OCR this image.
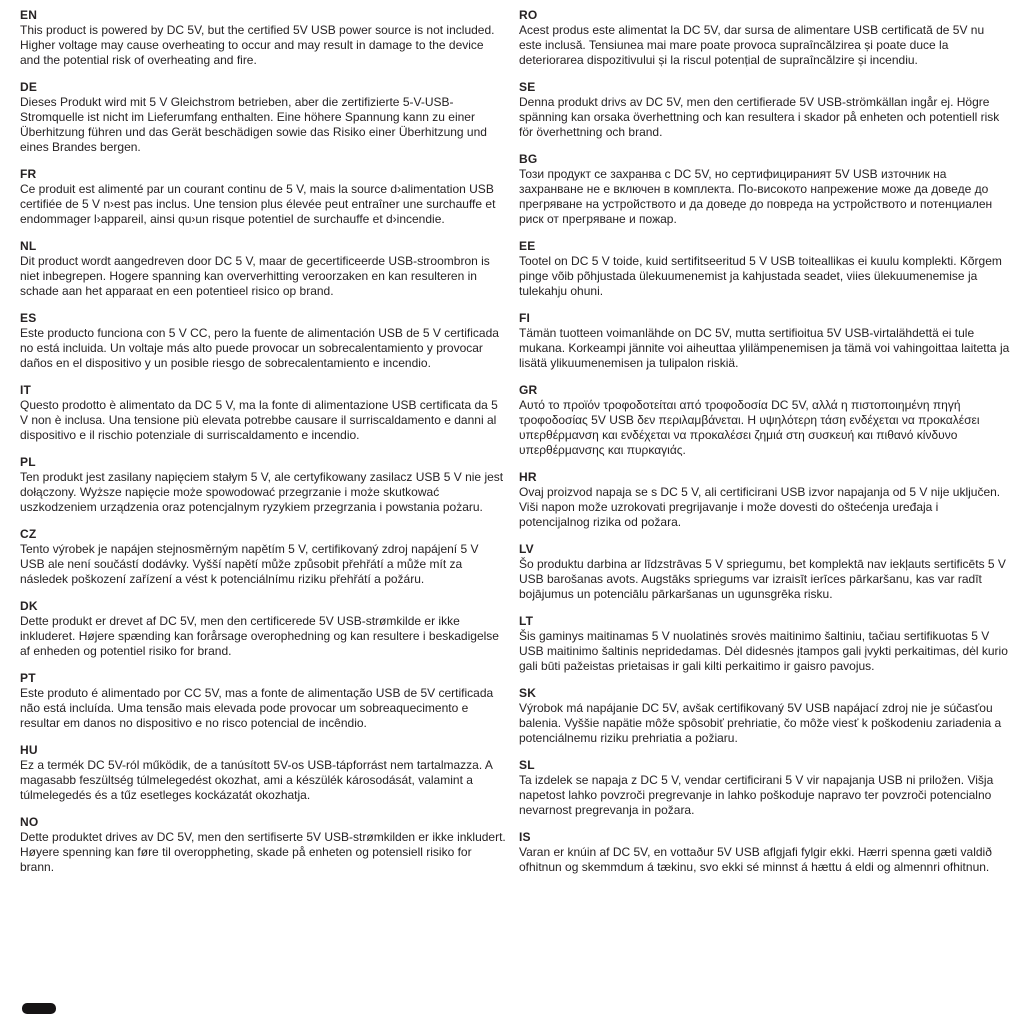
EN

This product is powered by DC 5V, but the certified 5V USB power source is not included. Higher voltage may cause overheating to occur and may result in damage to the device and the potential risk of overheating and fire.

DE

Dieses Produkt wird mit 5 V Gleichstrom betrieben, aber die zertifizierte 5-V-USB-Stromquelle ist nicht im Lieferumfang enthalten. Eine höhere Spannung kann zu einer Überhitzung führen und das Gerät beschädigen sowie das Risiko einer Überhitzung und eines Brandes bergen.

FR

Ce produit est alimenté par un courant continu de 5 V, mais la source d›alimentation USB certifiée de 5 V n›est pas inclus. Une tension plus élevée peut entraîner une surchauffe et endommager l›appareil, ainsi qu›un risque potentiel de surchauffe et d›incendie.

NL

Dit product wordt aangedreven door DC 5 V, maar de gecertificeerde USB-stroombron is niet inbegrepen. Hogere spanning kan oververhitting veroorzaken en kan resulteren in schade aan het apparaat en een potentieel risico op brand.

ES

Este producto funciona con 5 V CC, pero la fuente de alimentación USB de 5 V certificada no está incluida. Un voltaje más alto puede provocar un sobrecalentamiento y provocar daños en el dispositivo y un posible riesgo de sobrecalentamiento e incendio.

IT

Questo prodotto è alimentato da DC 5 V, ma la fonte di alimentazione USB certificata da 5 V non è inclusa. Una tensione più elevata potrebbe causare il surriscaldamento e danni al dispositivo e il rischio potenziale di surriscaldamento e incendio.

PL

Ten produkt jest zasilany napięciem stałym 5 V, ale certyfikowany zasilacz USB 5 V nie jest dołączony. Wyższe napięcie może spowodować przegrzanie i może skutkować uszkodzeniem urządzenia oraz potencjalnym ryzykiem przegrzania i powstania pożaru.

CZ

Tento výrobek je napájen stejnosměrným napětím 5 V, certifikovaný zdroj napájení 5 V USB ale není součástí dodávky. Vyšší napětí může způsobit přehřátí a může mít za následek poškození zařízení a vést k potenciálnímu riziku přehřátí a požáru.

DK

Dette produkt er drevet af DC 5V, men den certificerede 5V USB-strømkilde er ikke inkluderet. Højere spænding kan forårsage overophedning og kan resultere i beskadigelse af enheden og potentiel risiko for brand.

PT

Este produto é alimentado por CC 5V, mas a fonte de alimentação USB de 5V certificada não está incluída. Uma tensão mais elevada pode provocar um sobreaquecimento e resultar em danos no dispositivo e no risco potencial de incêndio.

HU

Ez a termék DC 5V-ról működik, de a tanúsított 5V-os USB-tápforrást nem tartalmazza. A magasabb feszültség túlmelegedést okozhat, ami a készülék károsodását, valamint a túlmelegedés és a tűz esetleges kockázatát okozhatja.

NO

Dette produktet drives av DC 5V, men den sertifiserte 5V USB-strømkilden er ikke inkludert. Høyere spenning kan føre til overoppheting, skade på enheten og potensiell risiko for brann.

RO

Acest produs este alimentat la DC 5V, dar sursa de alimentare USB certificată de 5V nu este inclusă. Tensiunea mai mare poate provoca supraîncălzirea și poate duce la deteriorarea dispozitivului și la riscul potențial de supraîncălzire și incendiu.

SE

Denna produkt drivs av DC 5V, men den certifierade 5V USB-strömkällan ingår ej. Högre spänning kan orsaka överhettning och kan resultera i skador på enheten och potentiell risk för överhettning och brand.

BG

Този продукт се захранва с DC 5V, но сертифицираният 5V USB източник на захранване не е включен в комплекта. По-високото напрежение може да доведе до прегряване на устройството и да доведе до повреда на устройството и потенциален риск от прегряване и пожар.

EE

Tootel on DC 5 V toide, kuid sertifitseeritud 5 V USB toiteallikas ei kuulu komplekti. Kõrgem pinge võib põhjustada ülekuumenemist ja kahjustada seadet, viies ülekuumenemise ja tulekahju ohuni.

FI

Tämän tuotteen voimanlähde on DC 5V, mutta sertifioitua 5V USB-virtalähdettä ei tule mukana. Korkeampi jännite voi aiheuttaa ylilämpenemisen ja tämä voi vahingoittaa laitetta ja lisätä ylikuumenemisen ja tulipalon riskiä.

GR

Αυτό το προϊόν τροφοδοτείται από τροφοδοσία DC 5V, αλλά η πιστοποιημένη πηγή τροφοδοσίας 5V USB δεν περιλαμβάνεται. Η υψηλότερη τάση ενδέχεται να προκαλέσει υπερθέρμανση και ενδέχεται να προκαλέσει ζημιά στη συσκευή και πιθανό κίνδυνο υπερθέρμανσης και πυρκαγιάς.

HR

Ovaj proizvod napaja se s DC 5 V, ali certificirani USB izvor napajanja od 5 V nije uključen. Viši napon može uzrokovati pregrijavanje i može dovesti do oštećenja uređaja i potencijalnog rizika od požara.

LV

Šo produktu darbina ar līdzstrāvas 5 V spriegumu, bet komplektā nav iekļauts sertificēts 5 V USB barošanas avots. Augstāks spriegums var izraisīt ierīces pārkaršanu, kas var radīt bojājumus un potenciālu pārkaršanas un ugunsgrēka risku.

LT

Šis gaminys maitinamas 5 V nuolatinės srovės maitinimo šaltiniu, tačiau sertifikuotas 5 V USB maitinimo šaltinis nepridedamas. Dėl didesnės įtampos gali įvykti perkaitimas, dėl kurio gali būti pažeistas prietaisas ir gali kilti perkaitimo ir gaisro pavojus.

SK

Výrobok má napájanie DC 5V, avšak certifikovaný 5V USB napájací zdroj nie je súčasťou balenia. Vyššie napätie môže spôsobiť prehriatie, čo môže viesť k poškodeniu zariadenia a potenciálnemu riziku prehriatia a požiaru.

SL

Ta izdelek se napaja z DC 5 V, vendar certificirani 5 V vir napajanja USB ni priložen. Višja napetost lahko povzroči pregrevanje in lahko poškoduje napravo ter povzroči potencialno nevarnost pregrevanja in požara.

IS

Varan er knúin af DC 5V, en vottaður 5V USB aflgjafi fylgir ekki. Hærri spenna gæti valdið ofhitnun og skemmdum á tækinu, svo ekki sé minnst á hættu á eldi og almennri ofhitnun.
